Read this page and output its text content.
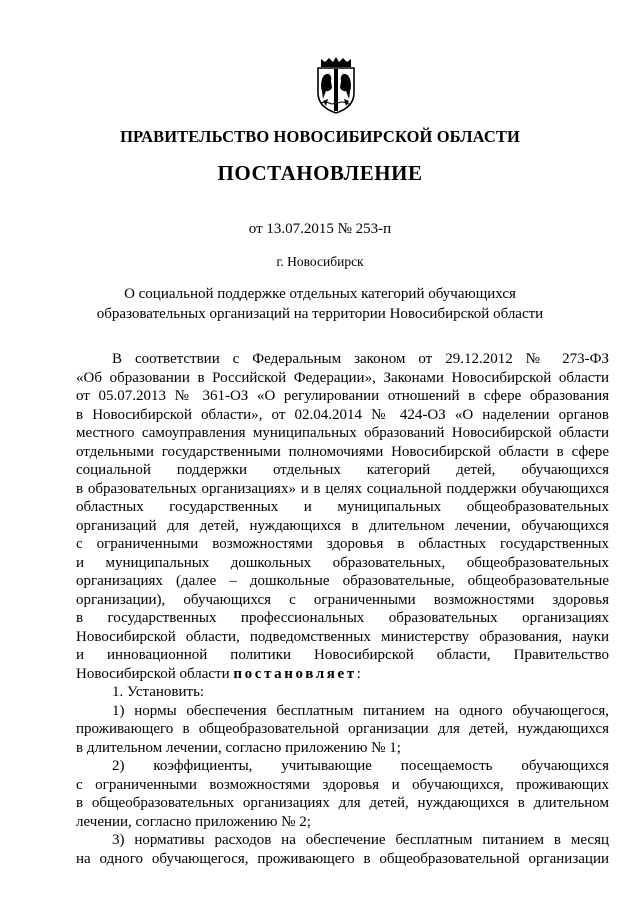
ПРАВИТЕЛЬСТВО НОВОСИБИРСКОЙ ОБЛАСТИ
ПОСТАНОВЛЕНИЕ
от 13.07.2015 № 253-п
г. Новосибирск
О социальной поддержке отдельных категорий обучающихся
образовательных организаций на территории Новосибирской области
В соответствии с Федеральным законом от 29.12.2012 № 273-ФЗ
«Об образовании в Российской Федерации», Законами Новосибирской области
от 05.07.2013 № 361-ОЗ «О регулировании отношений в сфере образования
в Новосибирской области», от 02.04.2014 № 424-ОЗ «О наделении органов
местного самоуправления муниципальных образований Новосибирской области
отдельными государственными полномочиями Новосибирской области в сфере
социальной поддержки отдельных категорий детей, обучающихся
в образовательных организациях» и в целях социальной поддержки обучающихся
областных государственных и муниципальных общеобразовательных
организаций для детей, нуждающихся в длительном лечении, обучающихся
с ограниченными возможностями здоровья в областных государственных
и муниципальных дошкольных образовательных, общеобразовательных
организациях (далее – дошкольные образовательные, общеобразовательные
организации), обучающихся с ограниченными возможностями здоровья
в государственных профессиональных образовательных организациях
Новосибирской области, подведомственных министерству образования, науки
и инновационной политики Новосибирской области, Правительство
Новосибирской области постановляет:
1. Установить:
1) нормы обеспечения бесплатным питанием на одного обучающегося,
проживающего в общеобразовательной организации для детей, нуждающихся
в длительном лечении, согласно приложению № 1;
2) коэффициенты, учитывающие посещаемость обучающихся
с ограниченными возможностями здоровья и обучающихся, проживающих
в общеобразовательных организациях для детей, нуждающихся в длительном
лечении, согласно приложению № 2;
3) нормативы расходов на обеспечение бесплатным питанием в месяц
на одного обучающегося, проживающего в общеобразовательной организации
